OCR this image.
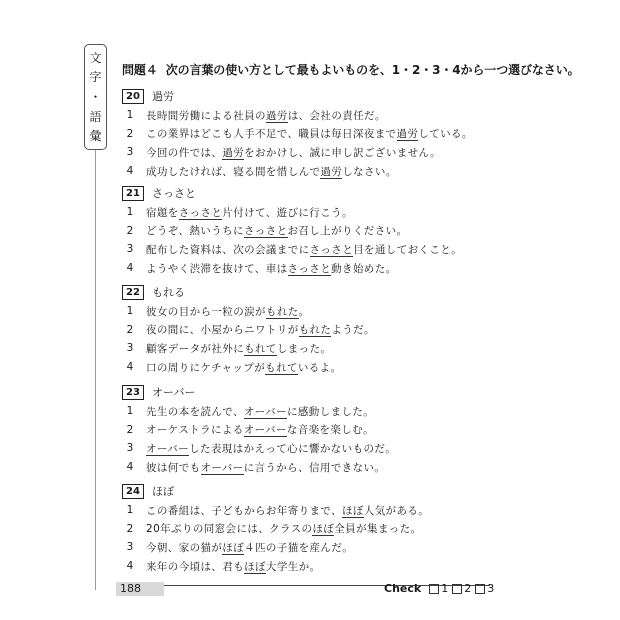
文
字
・
語
彙
問題４ 次の言葉の使い方として最もよいものを、1・2・3・4から一つ選びなさい。
20	過労
1	長時間労働による社員の過労は、会社の責任だ。
2	この業界はどこも人手不足で、職員は毎日深夜まで過労している。
3	今回の件では、過労をおかけし、誠に申し訳ございません。
4	成功したければ、寝る間を惜しんで過労しなさい。
21	さっさと
1	宿題をさっさと片付けて、遊びに行こう。
2	どうぞ、熱いうちにさっさとお召し上がりください。
3	配布した資料は、次の会議までにさっさと目を通しておくこと。
4	ようやく渋滞を抜けて、車はさっさと動き始めた。
22	もれる
1	彼女の目から一粒の涙がもれた。
2	夜の間に、小屋からニワトリがもれたようだ。
3	顧客データが社外にもれてしまった。
4	口の周りにケチャップがもれているよ。
23	オーバー
1	先生の本を読んで、オーバーに感動しました。
2	オーケストラによるオーバーな音楽を楽しむ。
3	オーバーした表現はかえって心に響かないものだ。
4	彼は何でもオーバーに言うから、信用できない。
24	ほぼ
1	この番組は、子どもからお年寄りまで、ほぼ人気がある。
2	20年ぶりの同窓会には、クラスのほぼ全員が集まった。
3	今朝、家の猫がほぼ４匹の子猫を産んだ。
4	来年の今頃は、君もほぼ大学生か。
188	Check 1 2 3
